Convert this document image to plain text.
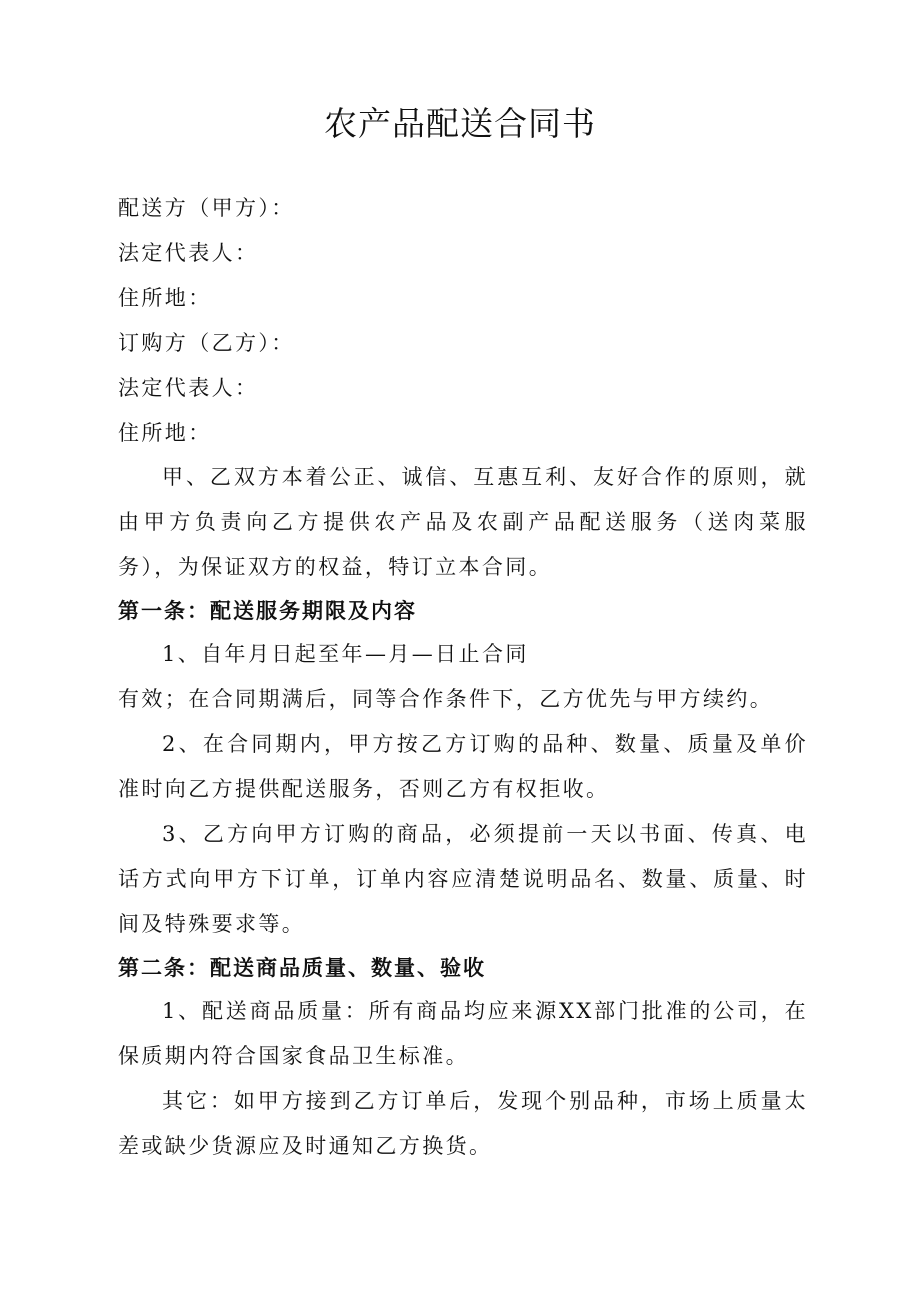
农产品配送合同书

配送方（甲方）：

法定代表人：

住所地：

订购方（乙方）：

法定代表人：

住所地：

甲、乙双方本着公正、诚信、互惠互利、友好合作的原则，就由甲方负责向乙方提供农产品及农副产品配送服务（送肉菜服务），为保证双方的权益，特订立本合同。

第一条：配送服务期限及内容

1、自年月日起至年—月—日止合同

有效；在合同期满后，同等合作条件下，乙方优先与甲方续约。

2、在合同期内，甲方按乙方订购的品种、数量、质量及单价准时向乙方提供配送服务，否则乙方有权拒收。

3、乙方向甲方订购的商品，必须提前一天以书面、传真、电话方式向甲方下订单，订单内容应清楚说明品名、数量、质量、时间及特殊要求等。

第二条：配送商品质量、数量、验收

1、配送商品质量：所有商品均应来源XX部门批准的公司，在保质期内符合国家食品卫生标准。

其它：如甲方接到乙方订单后，发现个别品种，市场上质量太差或缺少货源应及时通知乙方换货。
